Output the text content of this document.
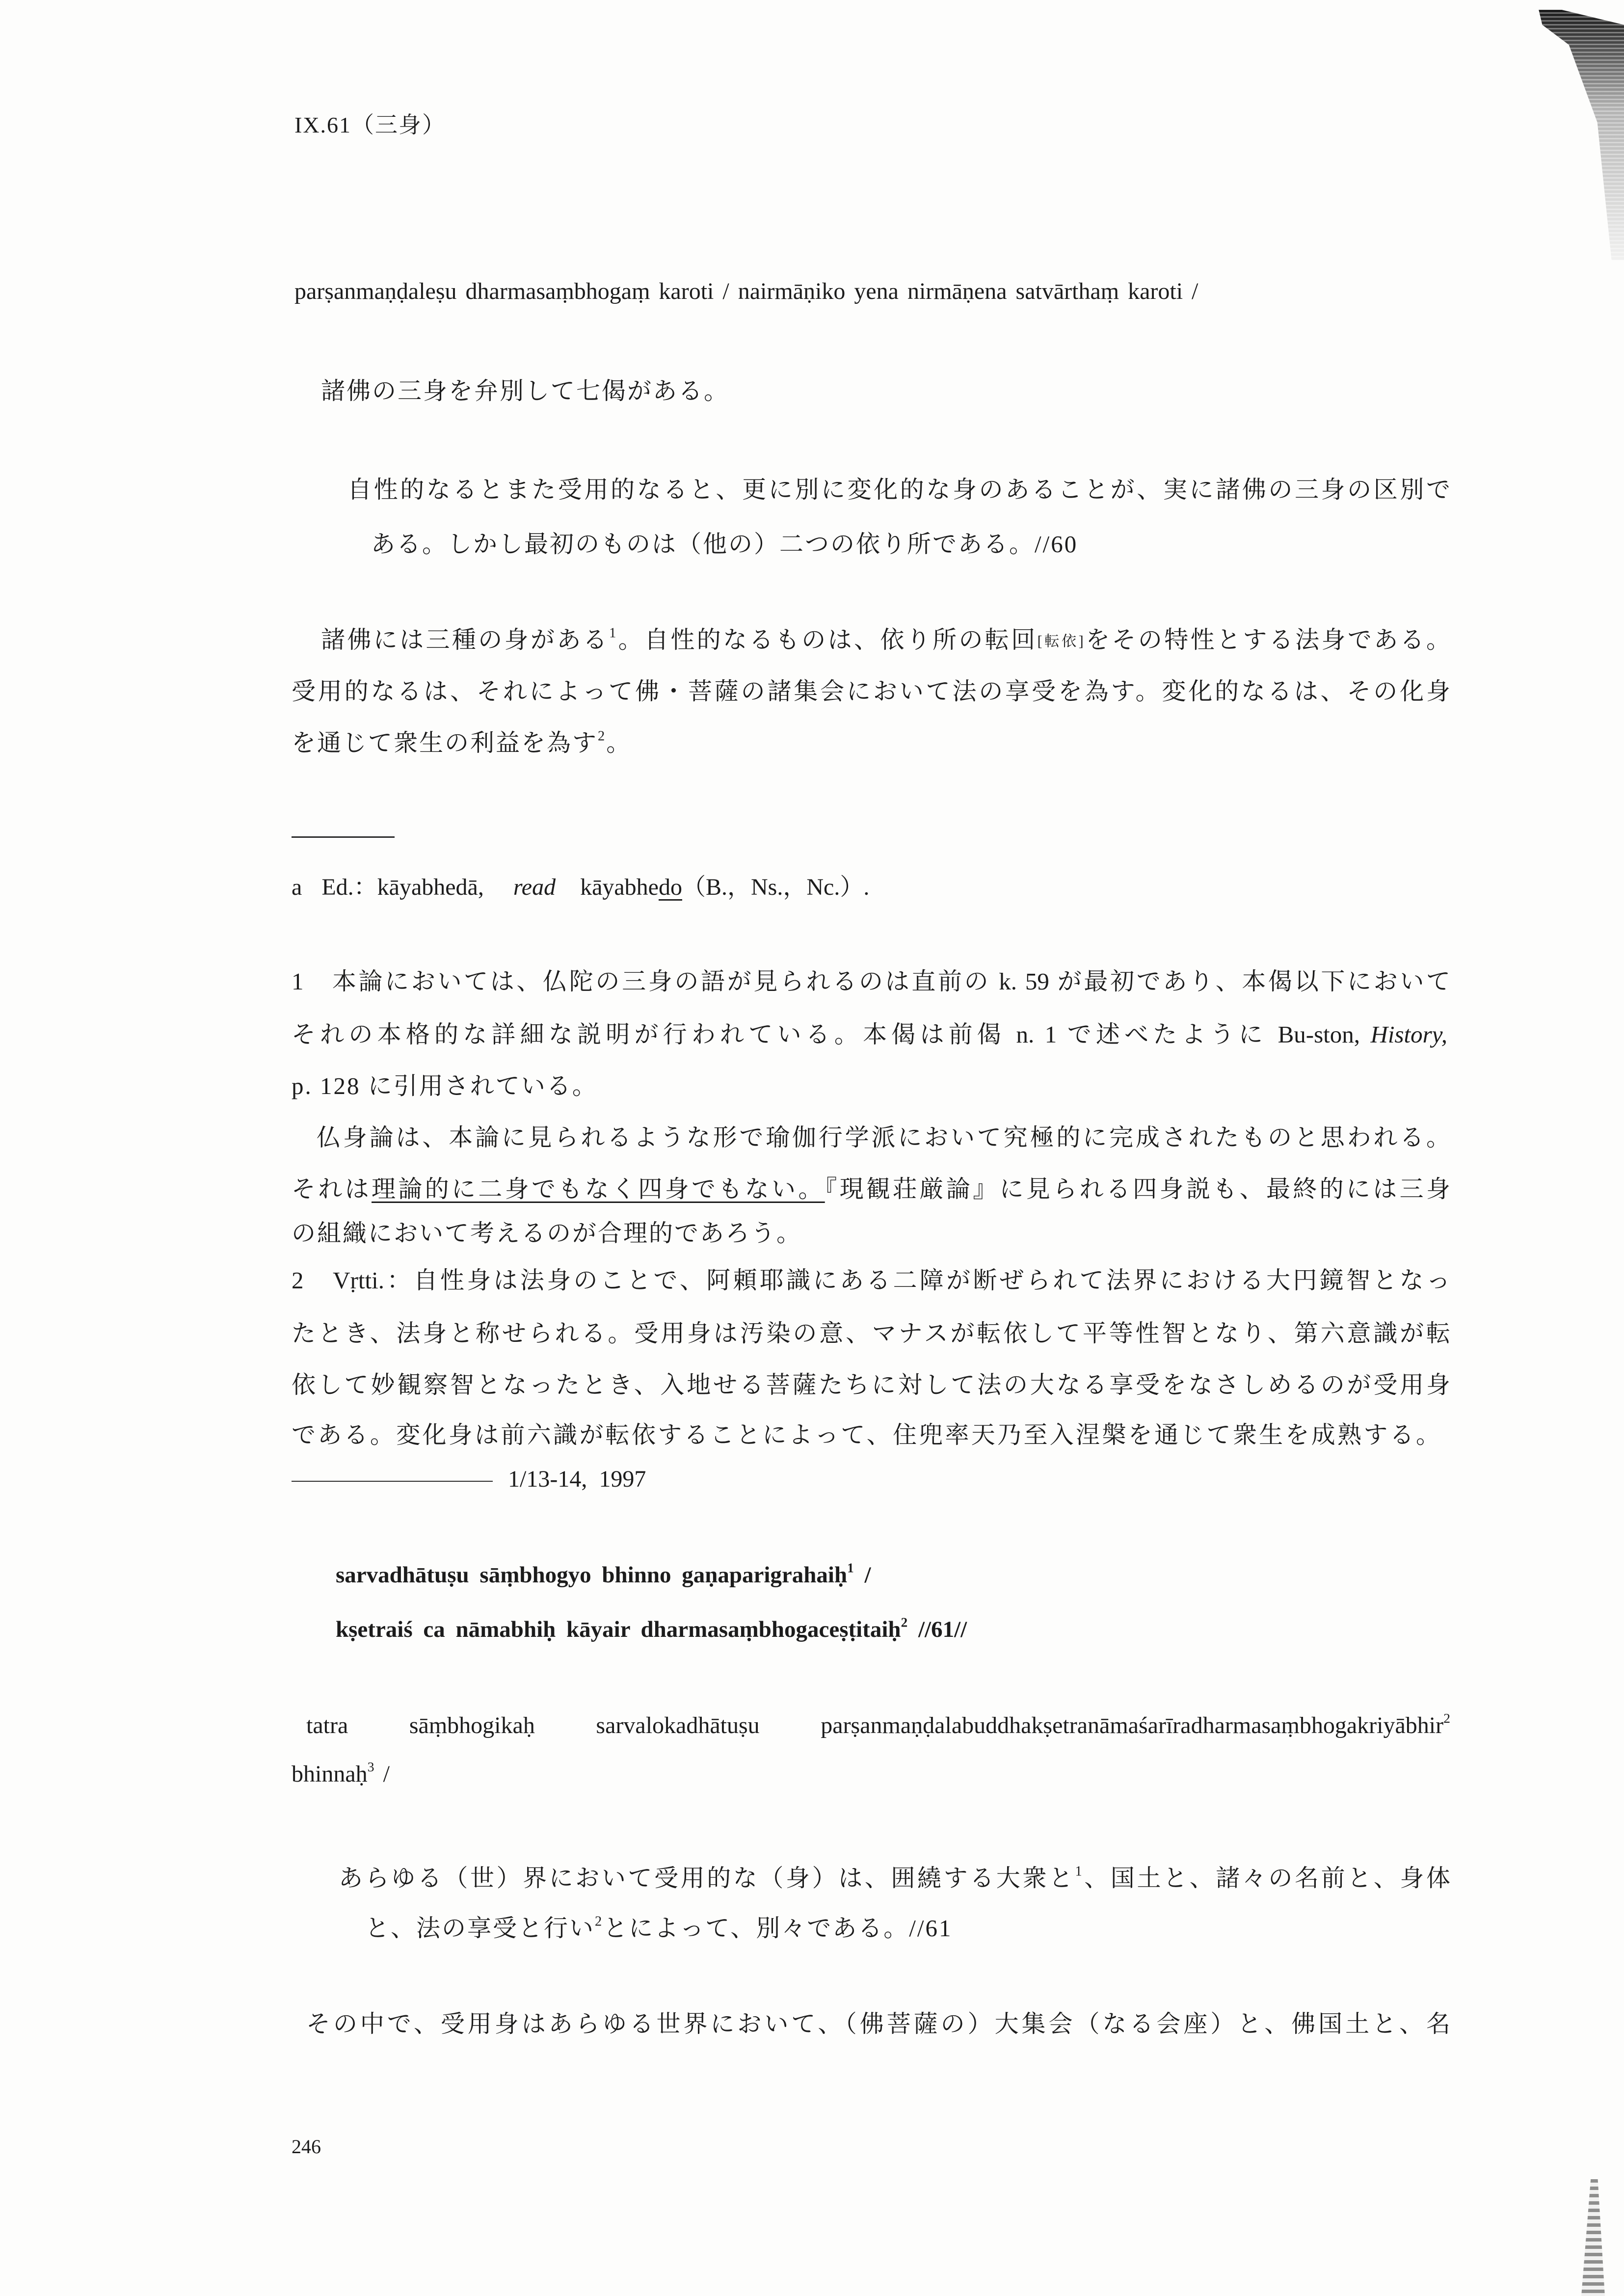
IX.61（三身）
parṣanmaṇḍaleṣu dharmasaṃbhogaṃ karoti / nairmāṇiko yena nirmāṇena satvārthaṃ karoti /
諸佛の三身を弁別して七偈がある。
自性的なるとまた受用的なると、更に別に変化的な身のあることが、実に諸佛の三身の区別で
ある。しかし最初のものは（他の）二つの依り所である。//60
諸佛には三種の身がある$^1$。自性的なるものは、依り所の転回[転依]をその特性とする法身である。
受用的なるは、それによって佛・菩薩の諸集会において法の享受を為す。変化的なるは、その化身
を通じて衆生の利益を為す$^2$。
a Ed.：kāyabhedā, read kāyabhedo（B.，Ns.，Nc.）.
1　本論においては、仏陀の三身の語が見られるのは直前の k. 59 が最初であり、本偈以下において
それの本格的な詳細な説明が行われている。本偈は前偈 n. 1 で述べたように Bu-ston, History,
p. 128 に引用されている。
仏身論は、本論に見られるような形で瑜伽行学派において究極的に完成されたものと思われる。
それは理論的に二身でもなく四身でもない。『現観荘厳論』に見られる四身説も、最終的には三身
の組織において考えるのが合理的であろう。
2　Vṛtti.：自性身は法身のことで、阿頼耶識にある二障が断ぜられて法界における大円鏡智となっ
たとき、法身と称せられる。受用身は汚染の意、マナスが転依して平等性智となり、第六意識が転
依して妙観察智となったとき、入地せる菩薩たちに対して法の大なる享受をなさしめるのが受用身
である。変化身は前六識が転依することによって、住兜率天乃至入涅槃を通じて衆生を成熟する。
1/13-14,  1997
sarvadhātuṣu sāṃbhogyo bhinno gaṇaparigrahaiḥ$^1$ /
kṣetraiś ca nāmabhiḥ kāyair dharmasaṃbhogaceṣṭitaiḥ$^2$ //61//
tatra sāṃbhogikaḥ sarvalokadhātuṣu parṣanmaṇḍalabuddhakṣetranāmaśarīradharmasaṃbhogakriyābhir$^2$
bhinnaḥ$^3$ /
あらゆる（世）界において受用的な（身）は、囲繞する大衆と$^1$、国土と、諸々の名前と、身体
と、法の享受と行い$^2$とによって、別々である。//61
その中で、受用身はあらゆる世界において、（佛菩薩の）大集会（なる会座）と、佛国土と、名
246
